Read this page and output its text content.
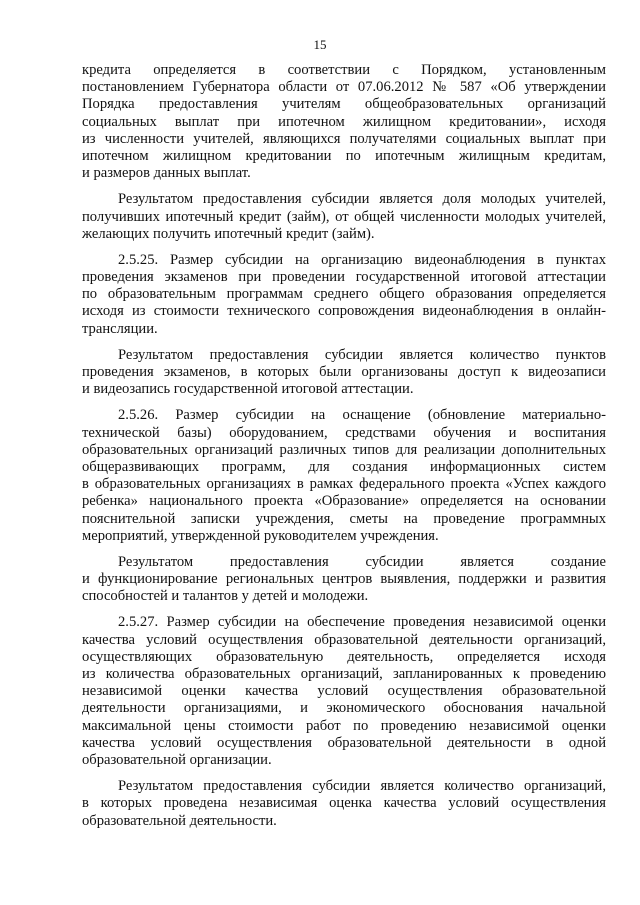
15
кредита определяется в соответствии с Порядком, установленным
постановлением Губернатора области от 07.06.2012 № 587 «Об утверждении
Порядка предоставления учителям общеобразовательных организаций
социальных выплат при ипотечном жилищном кредитовании», исходя
из численности учителей, являющихся получателями социальных выплат при
ипотечном жилищном кредитовании по ипотечным жилищным кредитам,
и размеров данных выплат.
Результатом предоставления субсидии является доля молодых учителей,
получивших ипотечный кредит (займ), от общей численности молодых учителей,
желающих получить ипотечный кредит (займ).
2.5.25. Размер субсидии на организацию видеонаблюдения в пунктах
проведения экзаменов при проведении государственной итоговой аттестации
по образовательным программам среднего общего образования определяется
исходя из стоимости технического сопровождения видеонаблюдения в онлайн-
трансляции.
Результатом предоставления субсидии является количество пунктов
проведения экзаменов, в которых были организованы доступ к видеозаписи
и видеозапись государственной итоговой аттестации.
2.5.26. Размер субсидии на оснащение (обновление материально-
технической базы) оборудованием, средствами обучения и воспитания
образовательных организаций различных типов для реализации дополнительных
общеразвивающих программ, для создания информационных систем
в образовательных организациях в рамках федерального проекта «Успех каждого
ребенка» национального проекта «Образование» определяется на основании
пояснительной записки учреждения, сметы на проведение программных
мероприятий, утвержденной руководителем учреждения.
Результатом предоставления субсидии является создание
и функционирование региональных центров выявления, поддержки и развития
способностей и талантов у детей и молодежи.
2.5.27. Размер субсидии на обеспечение проведения независимой оценки
качества условий осуществления образовательной деятельности организаций,
осуществляющих образовательную деятельность, определяется исходя
из количества образовательных организаций, запланированных к проведению
независимой оценки качества условий осуществления образовательной
деятельности организациями, и экономического обоснования начальной
максимальной цены стоимости работ по проведению независимой оценки
качества условий осуществления образовательной деятельности в одной
образовательной организации.
Результатом предоставления субсидии является количество организаций,
в которых проведена независимая оценка качества условий осуществления
образовательной деятельности.
